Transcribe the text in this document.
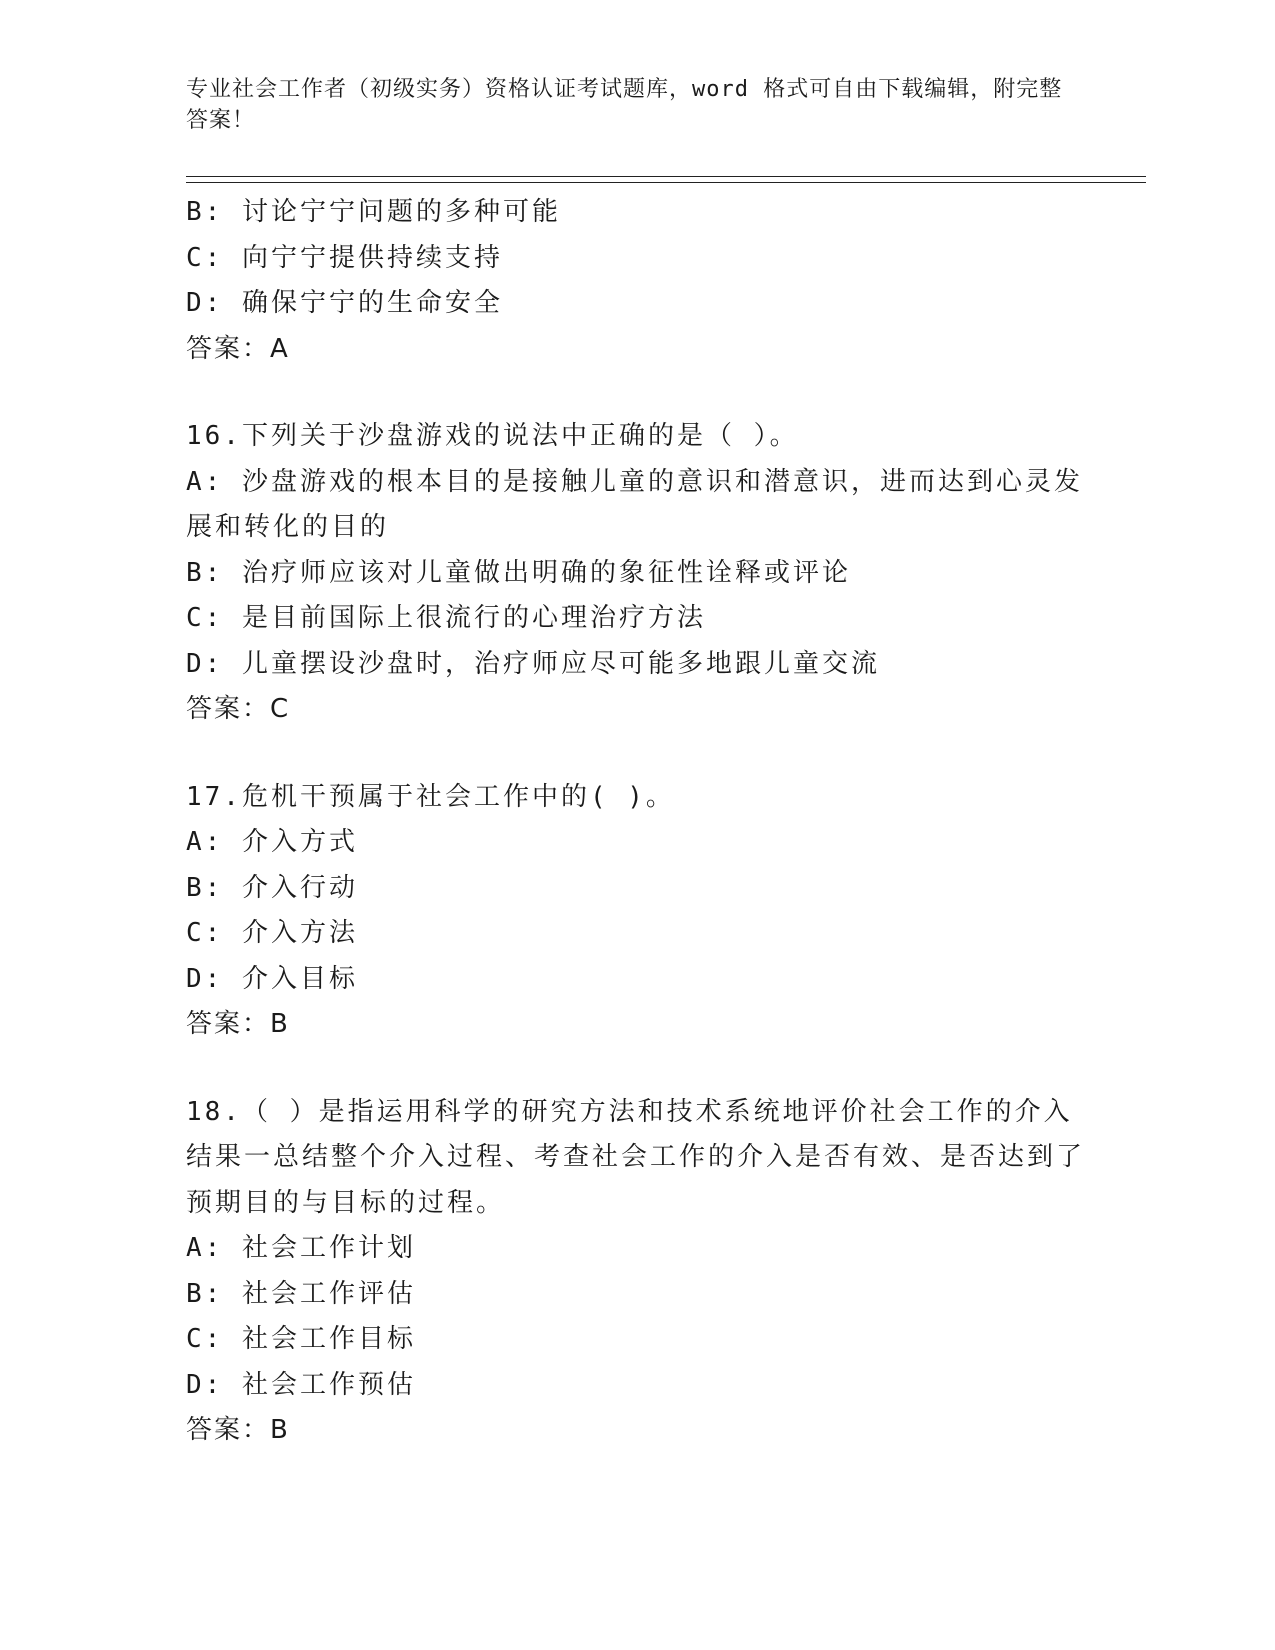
专业社会工作者（初级实务）资格认证考试题库，word 格式可自由下载编辑，附完整答案！
B: 讨论宁宁问题的多种可能
C: 向宁宁提供持续支持
D: 确保宁宁的生命安全
答案：A
16.下列关于沙盘游戏的说法中正确的是（ ）。
A: 沙盘游戏的根本目的是接触儿童的意识和潜意识，进而达到心灵发展和转化的目的
B: 治疗师应该对儿童做出明确的象征性诠释或评论
C: 是目前国际上很流行的心理治疗方法
D: 儿童摆设沙盘时，治疗师应尽可能多地跟儿童交流
答案：C
17.危机干预属于社会工作中的( )。
A: 介入方式
B: 介入行动
C: 介入方法
D: 介入目标
答案：B
18.（ ）是指运用科学的研究方法和技术系统地评价社会工作的介入结果一总结整个介入过程、考查社会工作的介入是否有效、是否达到了预期目的与目标的过程。
A: 社会工作计划
B: 社会工作评估
C: 社会工作目标
D: 社会工作预估
答案：B
